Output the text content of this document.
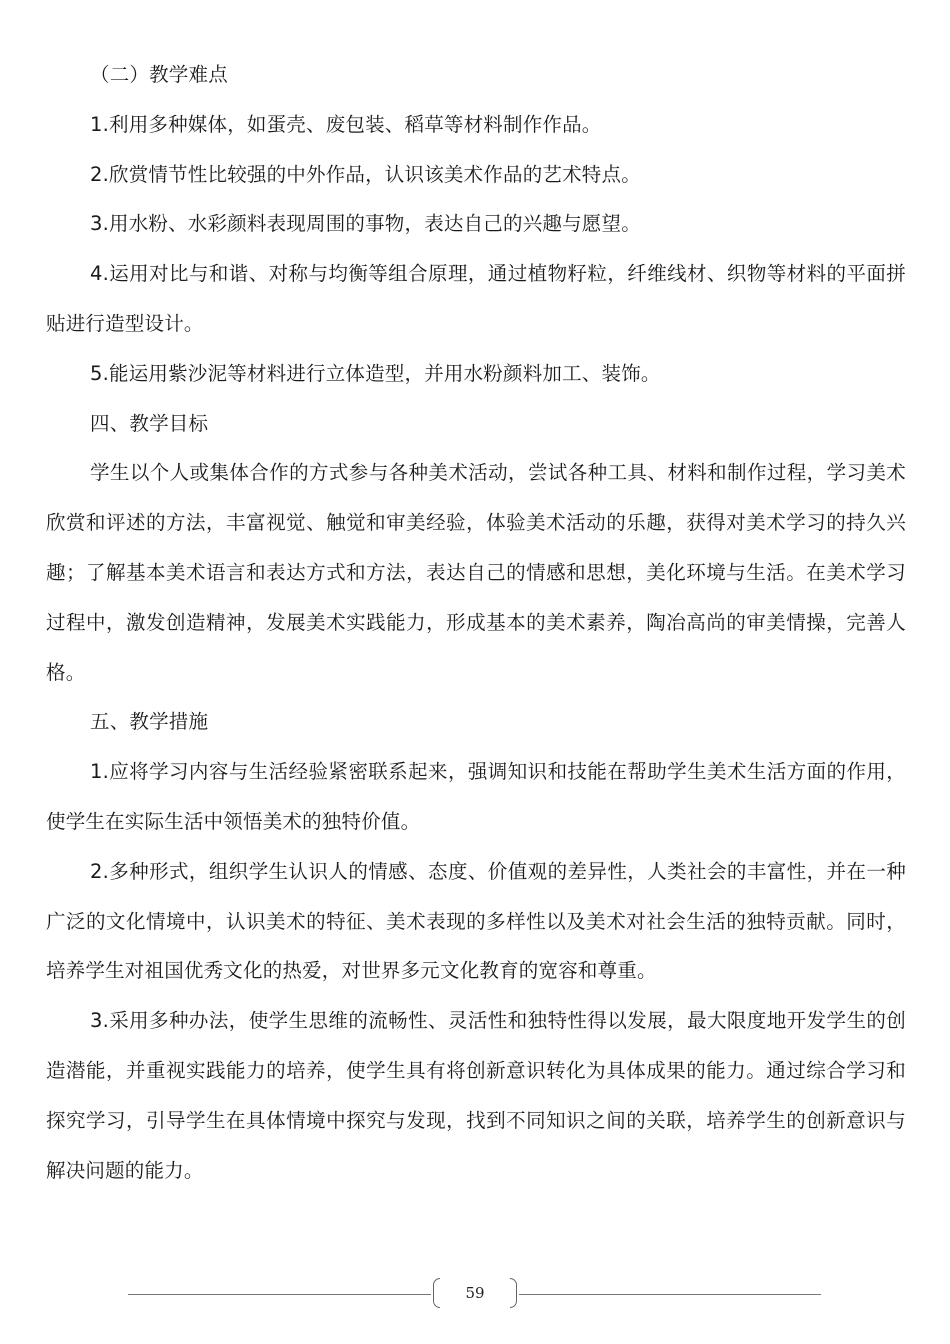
（二）教学难点

1.利用多种媒体，如蛋壳、废包装、稻草等材料制作作品。

2.欣赏情节性比较强的中外作品，认识该美术作品的艺术特点。

3.用水粉、水彩颜料表现周围的事物，表达自己的兴趣与愿望。

4.运用对比与和谐、对称与均衡等组合原理，通过植物籽粒，纤维线材、织物等材料的平面拼贴进行造型设计。

5.能运用紫沙泥等材料进行立体造型，并用水粉颜料加工、装饰。

四、教学目标

学生以个人或集体合作的方式参与各种美术活动，尝试各种工具、材料和制作过程，学习美术欣赏和评述的方法，丰富视觉、触觉和审美经验，体验美术活动的乐趣，获得对美术学习的持久兴趣；了解基本美术语言和表达方式和方法，表达自己的情感和思想，美化环境与生活。在美术学习过程中，激发创造精神，发展美术实践能力，形成基本的美术素养，陶冶高尚的审美情操，完善人格。

五、教学措施

1.应将学习内容与生活经验紧密联系起来，强调知识和技能在帮助学生美术生活方面的作用，使学生在实际生活中领悟美术的独特价值。

2.多种形式，组织学生认识人的情感、态度、价值观的差异性，人类社会的丰富性，并在一种广泛的文化情境中，认识美术的特征、美术表现的多样性以及美术对社会生活的独特贡献。同时，培养学生对祖国优秀文化的热爱，对世界多元文化教育的宽容和尊重。

3.采用多种办法，使学生思维的流畅性、灵活性和独特性得以发展，最大限度地开发学生的创造潜能，并重视实践能力的培养，使学生具有将创新意识转化为具体成果的能力。通过综合学习和探究学习，引导学生在具体情境中探究与发现，找到不同知识之间的关联，培养学生的创新意识与解决问题的能力。

59
